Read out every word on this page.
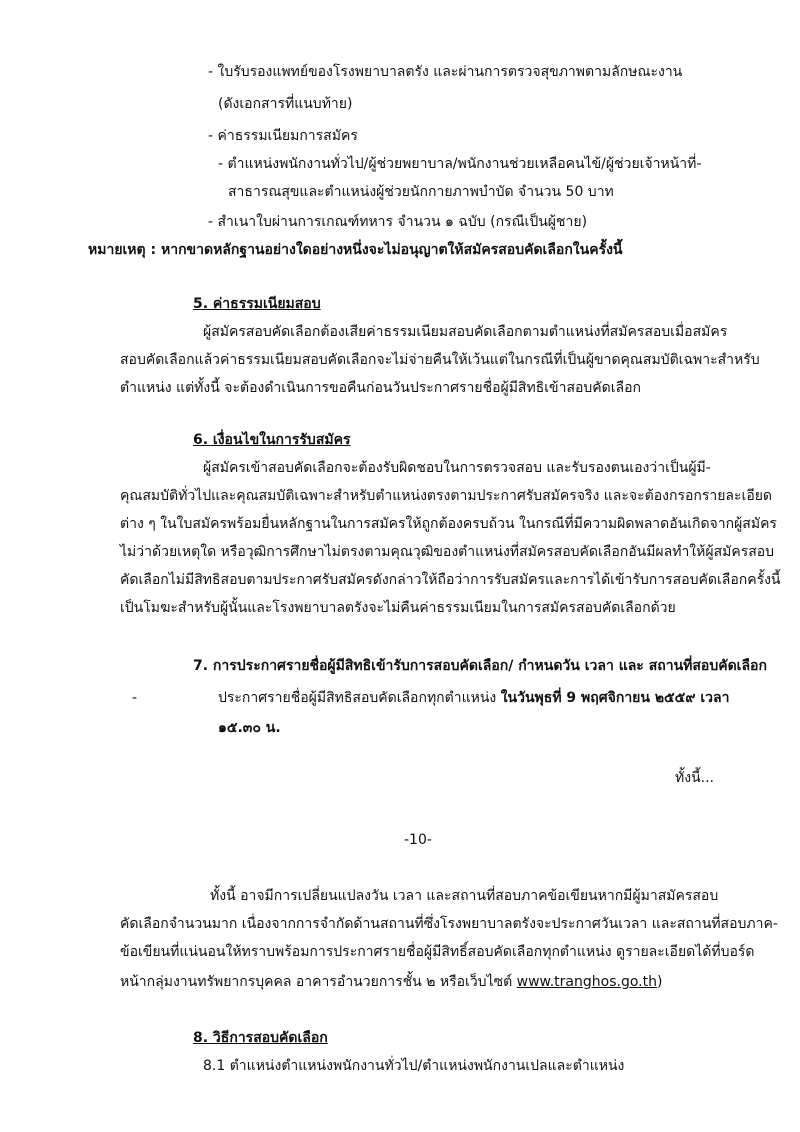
- ใบรับรองแพทย์ของโรงพยาบาลตรัง และผ่านการตรวจสุขภาพตามลักษณะงาน
(ดังเอกสารที่แนบท้าย)
- ค่าธรรมเนียมการสมัคร
- ตำแหน่งพนักงานทั่วไป/ผู้ช่วยพยาบาล/พนักงานช่วยเหลือคนไข้/ผู้ช่วยเจ้าหน้าที่-
สาธารณสุขและตำแหน่งผู้ช่วยนักกายภาพบำบัด จำนวน 50 บาท
- สำเนาใบผ่านการเกณฑ์ทหาร จำนวน ๑ ฉบับ (กรณีเป็นผู้ชาย)
หมายเหตุ : หากขาดหลักฐานอย่างใดอย่างหนึ่งจะไม่อนุญาตให้สมัครสอบคัดเลือกในครั้งนี้
5. ค่าธรรมเนียมสอบ
ผู้สมัครสอบคัดเลือกต้องเสียค่าธรรมเนียมสอบคัดเลือกตามตำแหน่งที่สมัครสอบเมื่อสมัคร
สอบคัดเลือกแล้วค่าธรรมเนียมสอบคัดเลือกจะไม่จ่ายคืนให้เว้นแต่ในกรณีที่เป็นผู้ขาดคุณสมบัติเฉพาะสำหรับ
ตำแหน่ง แต่ทั้งนี้ จะต้องดำเนินการขอคืนก่อนวันประกาศรายชื่อผู้มีสิทธิเข้าสอบคัดเลือก
6. เงื่อนไขในการรับสมัคร
ผู้สมัครเข้าสอบคัดเลือกจะต้องรับผิดชอบในการตรวจสอบ และรับรองตนเองว่าเป็นผู้มี-
คุณสมบัติทั่วไปและคุณสมบัติเฉพาะสำหรับตำแหน่งตรงตามประกาศรับสมัครจริง และจะต้องกรอกรายละเอียด
ต่าง ๆ ในใบสมัครพร้อมยื่นหลักฐานในการสมัครให้ถูกต้องครบถ้วน ในกรณีที่มีความผิดพลาดอันเกิดจากผู้สมัคร
ไม่ว่าด้วยเหตุใด หรือวุฒิการศึกษาไม่ตรงตามคุณวุฒิของตำแหน่งที่สมัครสอบคัดเลือกอันมีผลทำให้ผู้สมัครสอบ
คัดเลือกไม่มีสิทธิสอบตามประกาศรับสมัครดังกล่าวให้ถือว่าการรับสมัครและการได้เข้ารับการสอบคัดเลือกครั้งนี้
เป็นโมฆะสำหรับผู้นั้นและโรงพยาบาลตรังจะไม่คืนค่าธรรมเนียมในการสมัครสอบคัดเลือกด้วย
7. การประกาศรายชื่อผู้มีสิทธิเข้ารับการสอบคัดเลือก/ กำหนดวัน เวลา และ สถานที่สอบคัดเลือก
-	ประกาศรายชื่อผู้มีสิทธิสอบคัดเลือกทุกตำแหน่ง ในวันพุธที่ 9 พฤศจิกายน ๒๕๕๙ เวลา
๑๕.๓๐ น.
ทั้งนี้...
-10-
ทั้งนี้ อาจมีการเปลี่ยนแปลงวัน เวลา และสถานที่สอบภาคข้อเขียนหากมีผู้มาสมัครสอบ
คัดเลือกจำนวนมาก เนื่องจากการจำกัดด้านสถานที่ซึ่งโรงพยาบาลตรังจะประกาศวันเวลา และสถานที่สอบภาค-
ข้อเขียนที่แน่นอนให้ทราบพร้อมการประกาศรายชื่อผู้มีสิทธิ์สอบคัดเลือกทุกตำแหน่ง ดูรายละเอียดได้ที่บอร์ด
หน้ากลุ่มงานทรัพยากรบุคคล อาคารอำนวยการชั้น ๒ หรือเว็บไซต์ www.tranghos.go.th)
8. วิธีการสอบคัดเลือก
8.1 ตำแหน่งตำแหน่งพนักงานทั่วไป/ตำแหน่งพนักงานเปลและตำแหน่ง
